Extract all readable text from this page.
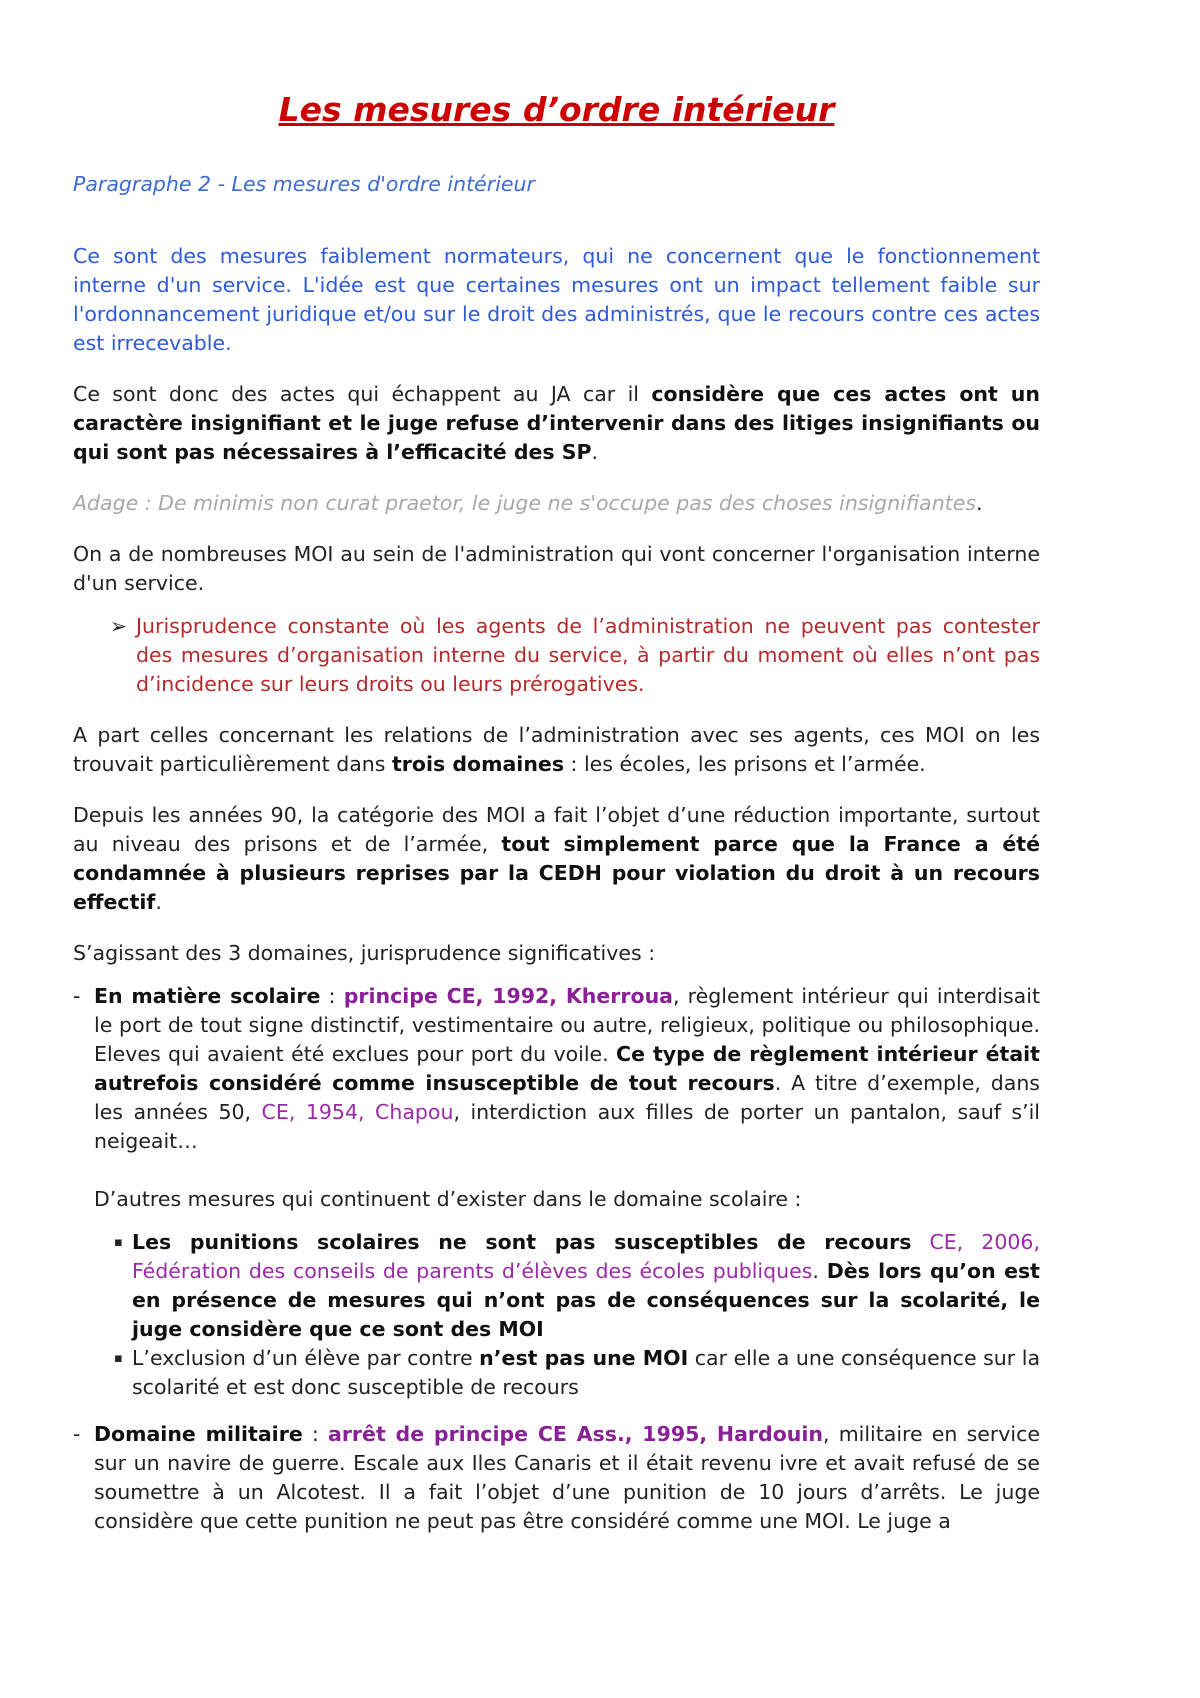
Les mesures d’ordre intérieur

Paragraphe 2 - Les mesures d'ordre intérieur

Ce sont des mesures faiblement normateurs, qui ne concernent que le fonctionnement interne d'un service. L'idée est que certaines mesures ont un impact tellement faible sur l'ordonnancement juridique et/ou sur le droit des administrés, que le recours contre ces actes est irrecevable.

Ce sont donc des actes qui échappent au JA car il considère que ces actes ont un caractère insignifiant et le juge refuse d’intervenir dans des litiges insignifiants ou qui sont pas nécessaires à l’efficacité des SP.

Adage : De minimis non curat praetor, le juge ne s'occupe pas des choses insignifiantes.

On a de nombreuses MOI au sein de l'administration qui vont concerner l'organisation interne d'un service.

➢ Jurisprudence constante où les agents de l’administration ne peuvent pas contester des mesures d’organisation interne du service, à partir du moment où elles n’ont pas d’incidence sur leurs droits ou leurs prérogatives.

A part celles concernant les relations de l’administration avec ses agents, ces MOI on les trouvait particulièrement dans trois domaines : les écoles, les prisons et l’armée.

Depuis les années 90, la catégorie des MOI a fait l’objet d’une réduction importante, surtout au niveau des prisons et de l’armée, tout simplement parce que la France a été condamnée à plusieurs reprises par la CEDH pour violation du droit à un recours effectif.

S’agissant des 3 domaines, jurisprudence significatives :

- En matière scolaire : principe CE, 1992, Kherroua, règlement intérieur qui interdisait le port de tout signe distinctif, vestimentaire ou autre, religieux, politique ou philosophique. Eleves qui avaient été exclues pour port du voile. Ce type de règlement intérieur était autrefois considéré comme insusceptible de tout recours. A titre d’exemple, dans les années 50, CE, 1954, Chapou, interdiction aux filles de porter un pantalon, sauf s’il neigeait…

D’autres mesures qui continuent d’exister dans le domaine scolaire :

▪ Les punitions scolaires ne sont pas susceptibles de recours CE, 2006, Fédération des conseils de parents d’élèves des écoles publiques. Dès lors qu’on est en présence de mesures qui n’ont pas de conséquences sur la scolarité, le juge considère que ce sont des MOI
▪ L’exclusion d’un élève par contre n’est pas une MOI car elle a une conséquence sur la scolarité et est donc susceptible de recours
- Domaine militaire : arrêt de principe CE Ass., 1995, Hardouin, militaire en service sur un navire de guerre. Escale aux Iles Canaris et il était revenu ivre et avait refusé de se soumettre à un Alcotest. Il a fait l’objet d’une punition de 10 jours d’arrêts. Le juge considère que cette punition ne peut pas être considéré comme une MOI. Le juge a
